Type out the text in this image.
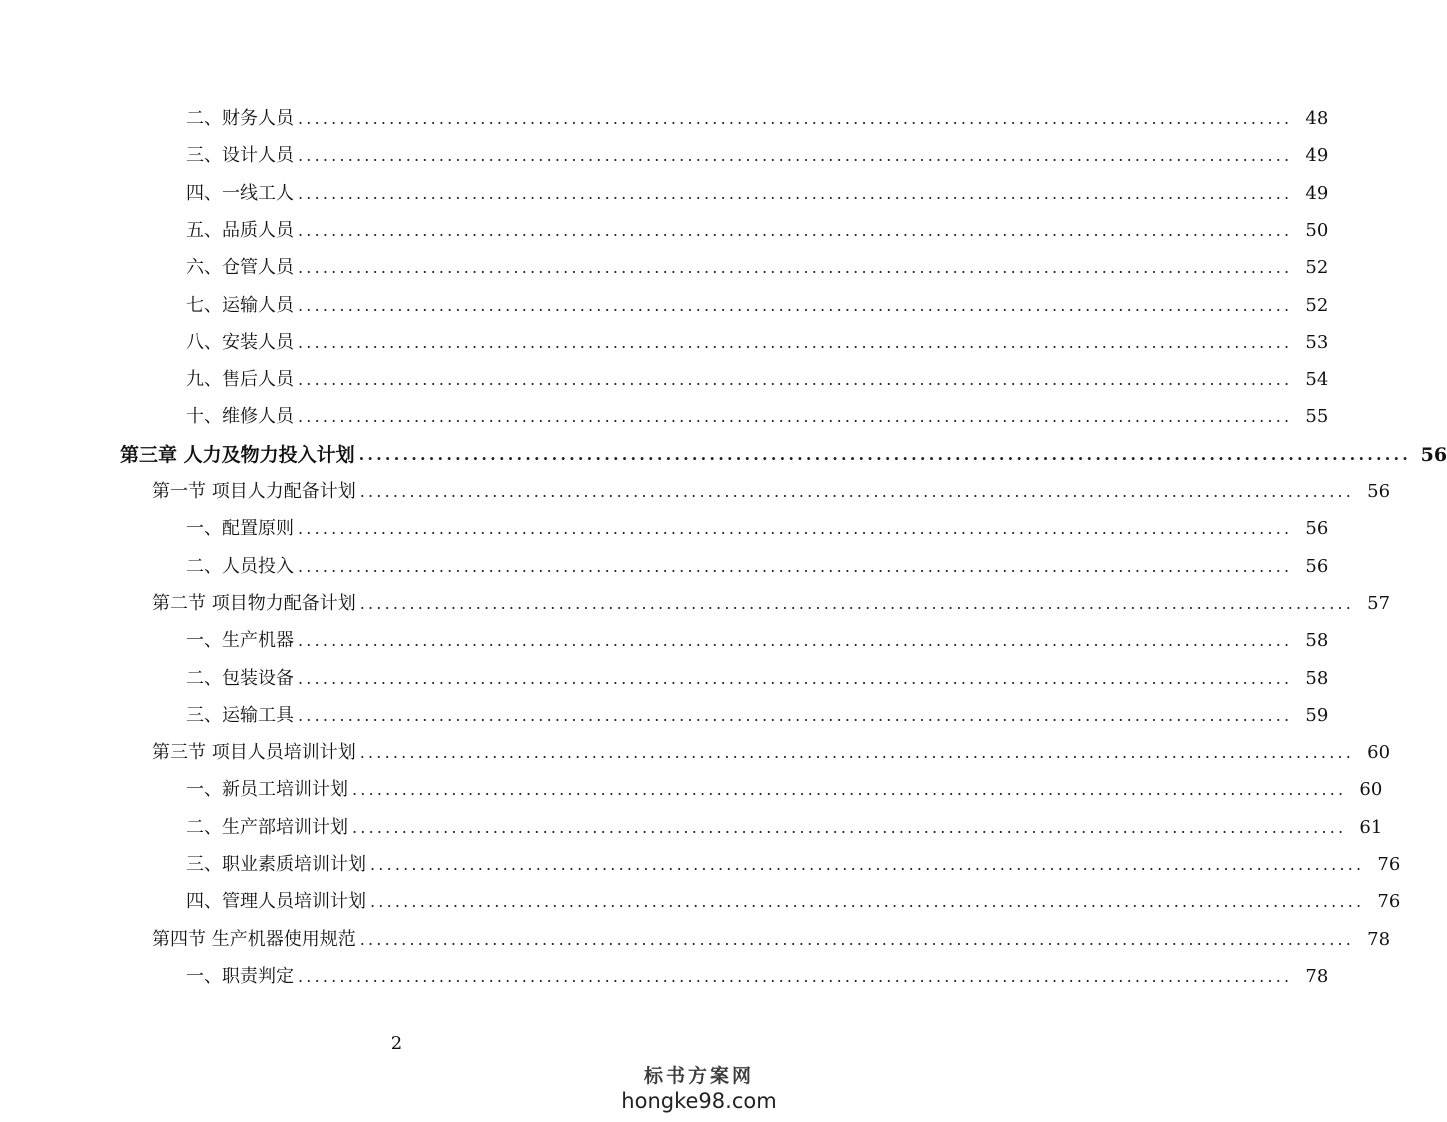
二、财务人员 ........................................................................................................................ 48
三、设计人员 ........................................................................................................................ 49
四、一线工人 ........................................................................................................................ 49
五、品质人员 ........................................................................................................................ 50
六、仓管人员 ........................................................................................................................ 52
七、运输人员 ........................................................................................................................ 52
八、安装人员 ........................................................................................................................ 53
九、售后人员 ........................................................................................................................ 54
十、维修人员 ........................................................................................................................ 55
第三章 人力及物力投入计划 ........................................................................................................................ 56
第一节 项目人力配备计划 ........................................................................................................................ 56
一、配置原则 ........................................................................................................................ 56
二、人员投入 ........................................................................................................................ 56
第二节 项目物力配备计划 ........................................................................................................................ 57
一、生产机器 ........................................................................................................................ 58
二、包装设备 ........................................................................................................................ 58
三、运输工具 ........................................................................................................................ 59
第三节 项目人员培训计划 ........................................................................................................................ 60
一、新员工培训计划 ........................................................................................................................ 60
二、生产部培训计划 ........................................................................................................................ 61
三、职业素质培训计划 ........................................................................................................................ 76
四、管理人员培训计划 ........................................................................................................................ 76
第四节 生产机器使用规范 ........................................................................................................................ 78
一、职责判定 ........................................................................................................................ 78
2
标书方案网
hongke98.com
